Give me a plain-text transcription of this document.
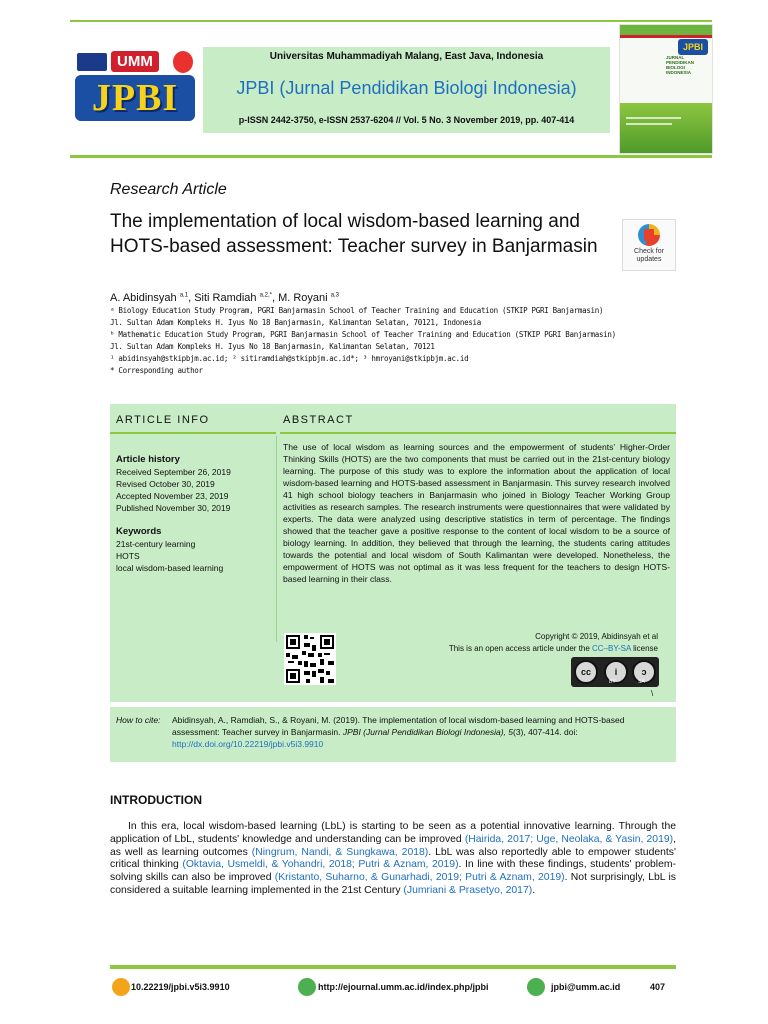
UMM
JPBI
Universitas Muhammadiyah Malang, East Java, Indonesia
JPBI (Jurnal Pendidikan Biologi Indonesia)
p-ISSN 2442-3750, e-ISSN 2537-6204 // Vol. 5 No. 3 November 2019, pp. 407-414
JPBI
JURNAL PENDIDIKAN BIOLOGI INDONESIA
Research Article
The implementation of local wisdom-based learning and HOTS-based assessment: Teacher survey in Banjarmasin	Check for updates
A. Abidinsyah $^{a,1}$, Siti Ramdiah $^{a,2,*}$, M. Royani $^{a,3}$
ᵃ Biology Education Study Program, PGRI Banjarmasin School of Teacher Training and Education (STKIP PGRI Banjarmasin)
Jl. Sultan Adam Kompleks H. Iyus No 18 Banjarmasin, Kalimantan Selatan, 70121, Indonesia
ᵇ Mathematic Education Study Program, PGRI Banjarmasin School of Teacher Training and Education (STKIP PGRI Banjarmasin)
Jl. Sultan Adam Kompleks H. Iyus No 18 Banjarmasin, Kalimantan Selatan, 70121
¹ abidinsyah@stkipbjm.ac.id; ² sitiramdiah@stkipbjm.ac.id*; ³ hmroyani@stkipbjm.ac.id
* Corresponding author
ARTICLE INFO	ABSTRACT
Article history
Received September 26, 2019
Revised October 30, 2019
Accepted November 23, 2019
Published November 30, 2019
Keywords
21st-century learning
HOTS
local wisdom-based learning
The use of local wisdom as learning sources and the empowerment of students' Higher-Order Thinking Skills (HOTS) are the two components that must be carried out in the 21st-century biology learning. The purpose of this study was to explore the information about the application of local wisdom-based learning and HOTS-based assessment in Banjarmasin. This survey research involved 41 high school biology teachers in Banjarmasin who joined in Biology Teacher Working Group activities as research samples. The research instruments were questionnaires that were validated by experts. The data were analyzed using descriptive statistics in term of percentage. The findings showed that the teacher gave a positive response to the content of local wisdom to be a source of biology learning. In addition, they believed that through the learning, the students caring attitudes towards the potential and local wisdom of South Kalimantan were developed. Nonetheless, the empowerment of HOTS was not optimal as it was less frequent for the teachers to design HOTS-based learning in their class.
Copyright © 2019, Abidinsyah et al
This is an open access article under the CC–BY-SA license
cc	i	ↄ
BY	SA
\
How to cite: Abidinsyah, A., Ramdiah, S., & Royani, M. (2019). The implementation of local wisdom-based learning and HOTS-based assessment: Teacher survey in Banjarmasin. JPBI (Jurnal Pendidikan Biologi Indonesia), 5(3), 407-414. doi: http://dx.doi.org/10.22219/jpbi.v5i3.9910
INTRODUCTION
In this era, local wisdom-based learning (LbL) is starting to be seen as a potential innovative learning. Through the application of LbL, students' knowledge and understanding can be improved (Hairida, 2017; Uge, Neolaka, & Yasin, 2019), as well as learning outcomes (Ningrum, Nandi, & Sungkawa, 2018). LbL was also reportedly able to empower students' critical thinking (Oktavia, Usmeldi, & Yohandri, 2018; Putri & Aznam, 2019). In line with these findings, students' problem-solving skills can also be improved (Kristanto, Suharno, & Gunarhadi, 2019; Putri & Aznam, 2019). Not surprisingly, LbL is considered a suitable learning implemented in the 21st Century (Jumriani & Prasetyo, 2017).
10.22219/jpbi.v5i3.9910	http://ejournal.umm.ac.id/index.php/jpbi	jpbi@umm.ac.id	407
